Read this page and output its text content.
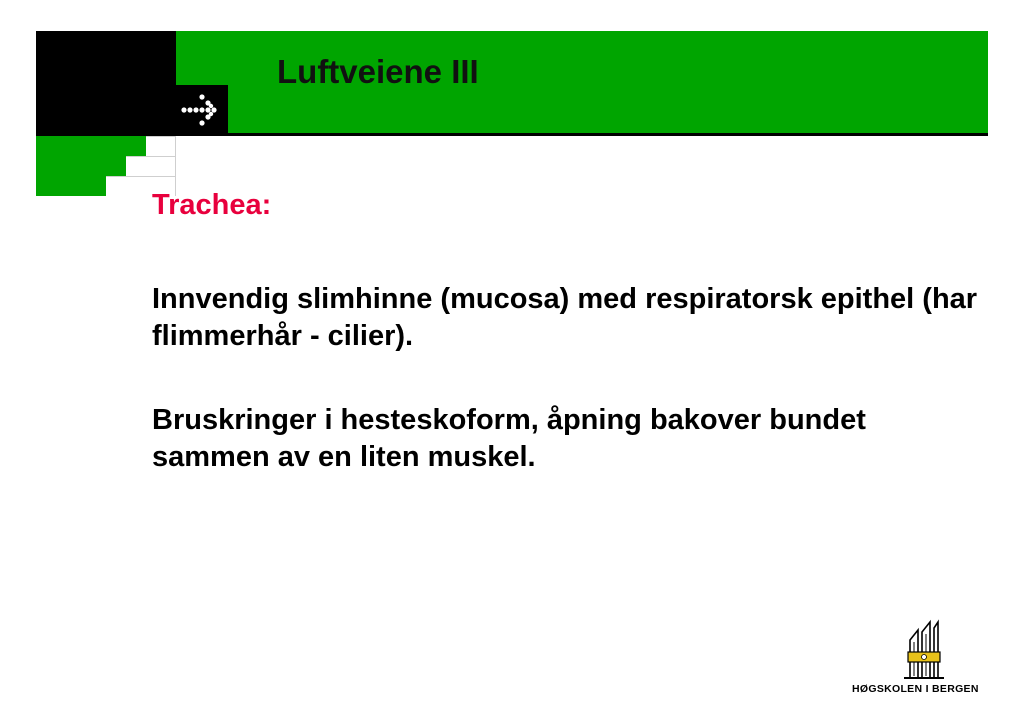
Luftveiene III

Trachea:

Innvendig slimhinne (mucosa) med respiratorsk epithel (har flimmerhår - cilier).

Bruskringer i hesteskoform, åpning bakover bundet sammen av en liten muskel.

HØGSKOLEN I BERGEN
